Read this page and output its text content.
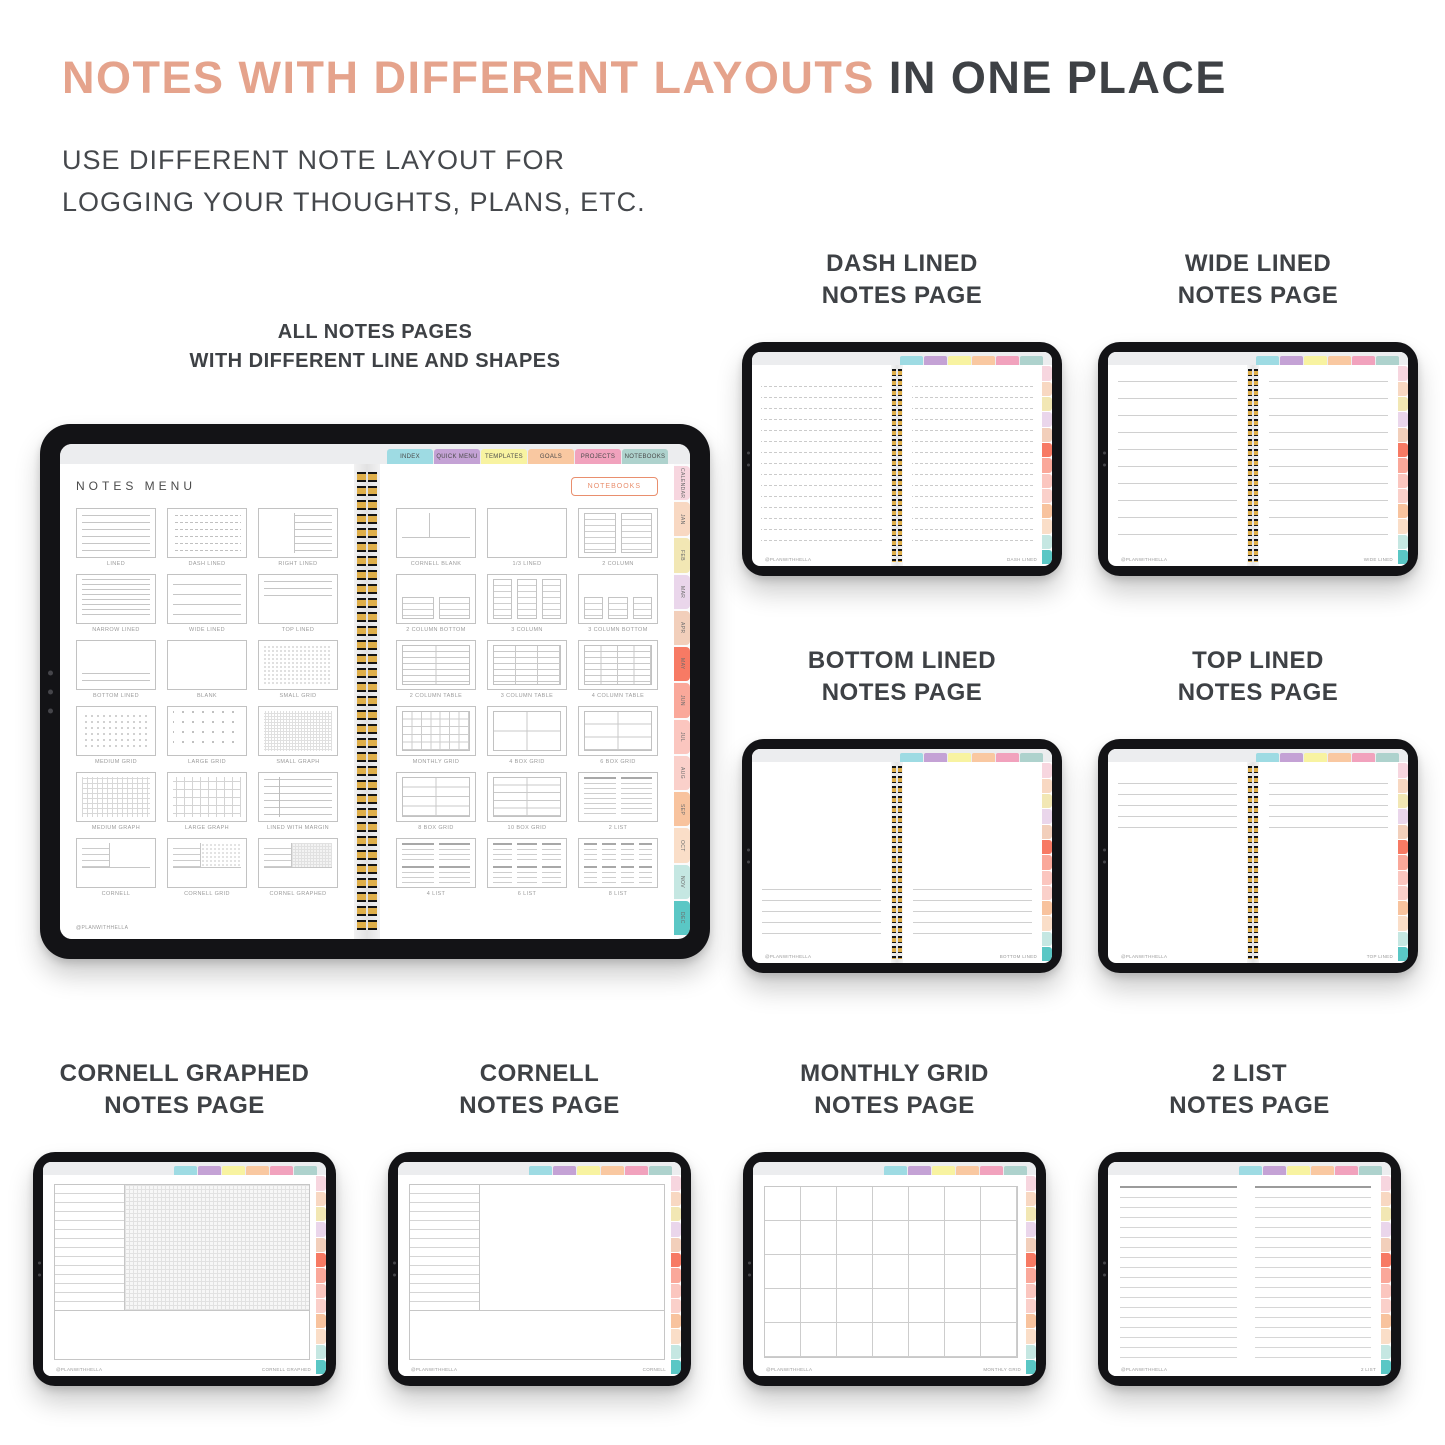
NOTES WITH DIFFERENT LAYOUTS IN ONE PLACE

USE DIFFERENT NOTE LAYOUT FOR
LOGGING YOUR THOUGHTS, PLANS, ETC.

ALL NOTES PAGES
WITH DIFFERENT LINE AND SHAPES
INDEX	QUICK MENU TEMPLATES	GOALS	PROJECTS NOTEBOOKS
NOTES MENU
LINED	DASH LINED	RIGHT LINED
NARROW LINED	WIDE LINED	TOP LINED
BOTTOM LINED	BLANK	SMALL GRID
MEDIUM GRID	LARGE GRID	SMALL GRAPH
MEDIUM GRAPH	LARGE GRAPH	LINED WITH MARGIN
CORNELL	CORNELL GRID	CORNEL GRAPHED
@PLANWITHHELLA
NOTEBOOKS
CORNELL BLANK	1/3 LINED	2 COLUMN
2 COLUMN BOTTOM	3 COLUMN	3 COLUMN BOTTOM
2 COLUMN TABLE	3 COLUMN TABLE	4 COLUMN TABLE
MONTHLY GRID	4 BOX GRID	6 BOX GRID
8 BOX GRID	10 BOX GRID	2 LIST
4 LIST	6 LIST	8 LIST
CALENDAR
JAN
FEB
MAR
APR
MAY
JUN
JUL
AUG
SEP
OCT
NOV
DEC
DASH LINED
NOTES PAGE
@PLANWITHHELLA	DASH LINED
WIDE LINED
NOTES PAGE
@PLANWITHHELLA	WIDE LINED
BOTTOM LINED
NOTES PAGE
@PLANWITHHELLA	BOTTOM LINED
TOP LINED
NOTES PAGE
@PLANWITHHELLA	TOP LINED
CORNELL GRAPHED
NOTES PAGE
@PLANWITHHELLA	CORNELL GRAPHED
CORNELL
NOTES PAGE
@PLANWITHHELLA	CORNELL
MONTHLY GRID
NOTES PAGE
@PLANWITHHELLA	MONTHLY GRID
2 LIST
NOTES PAGE
@PLANWITHHELLA	2 LIST
